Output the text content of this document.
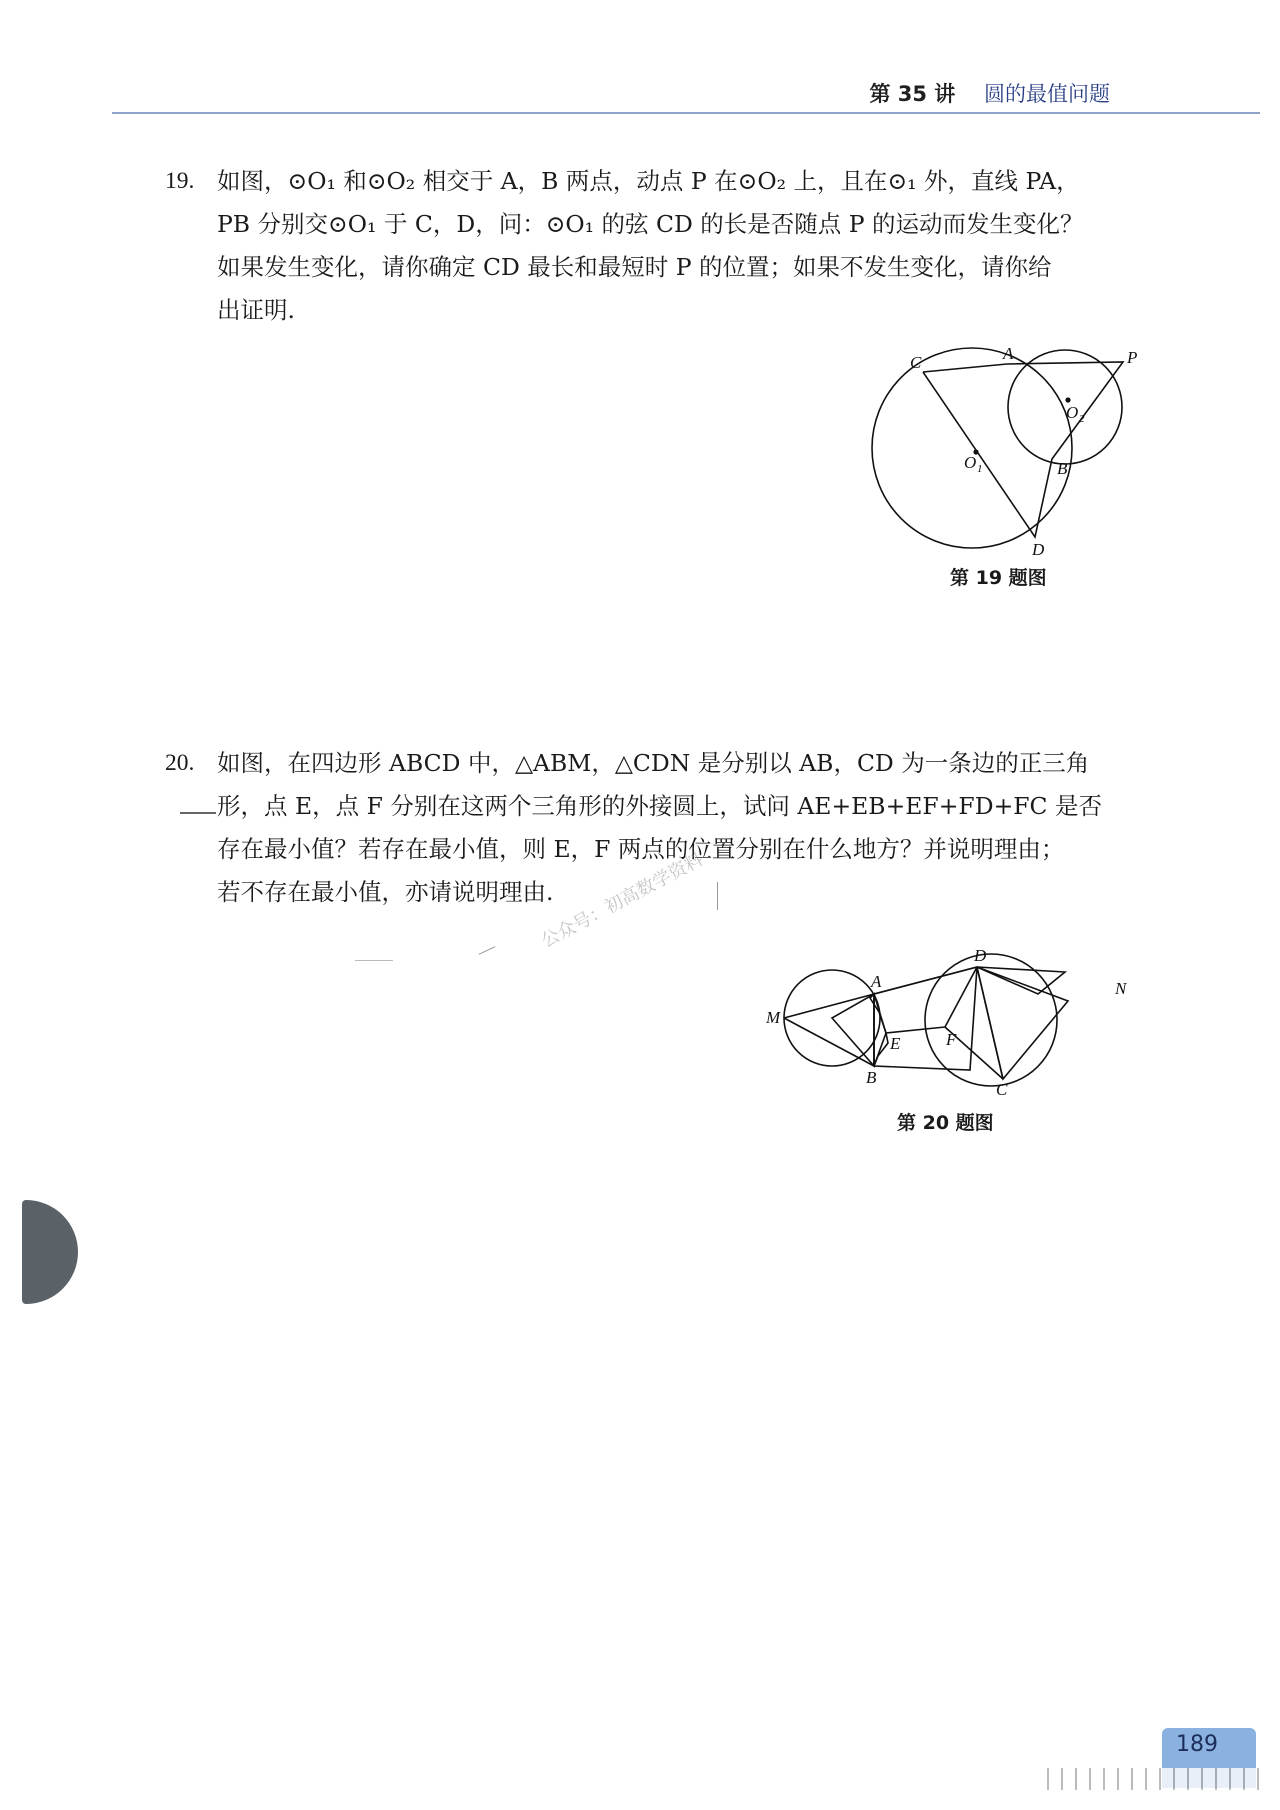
第 35 讲 圆的最值问题
19. 如图，⊙O₁ 和⊙O₂ 相交于 A，B 两点，动点 P 在⊙O₂ 上，且在⊙₁ 外，直线 PA，
PB 分别交⊙O₁ 于 C，D，问：⊙O₁ 的弦 CD 的长是否随点 P 的运动而发生变化？
如果发生变化，请你确定 CD 最长和最短时 P 的位置；如果不发生变化，请你给
出证明.
C	A	P
O 2
O 1	B
D
第 19 题图
20. 如图，在四边形 ABCD 中，△ABM，△CDN 是分别以 AB，CD 为一条边的正三角
形，点 E，点 F 分别在这两个三角形的外接圆上，试问 AE+EB+EF+FD+FC 是否
存在最小值？若存在最小值，则 E，F 两点的位置分别在什么地方？并说明理由；
若不存在最小值，亦请说明理由.
公众号：初高数学资料
A
M
E
B
F
D
N
C
第 20 题图
189
